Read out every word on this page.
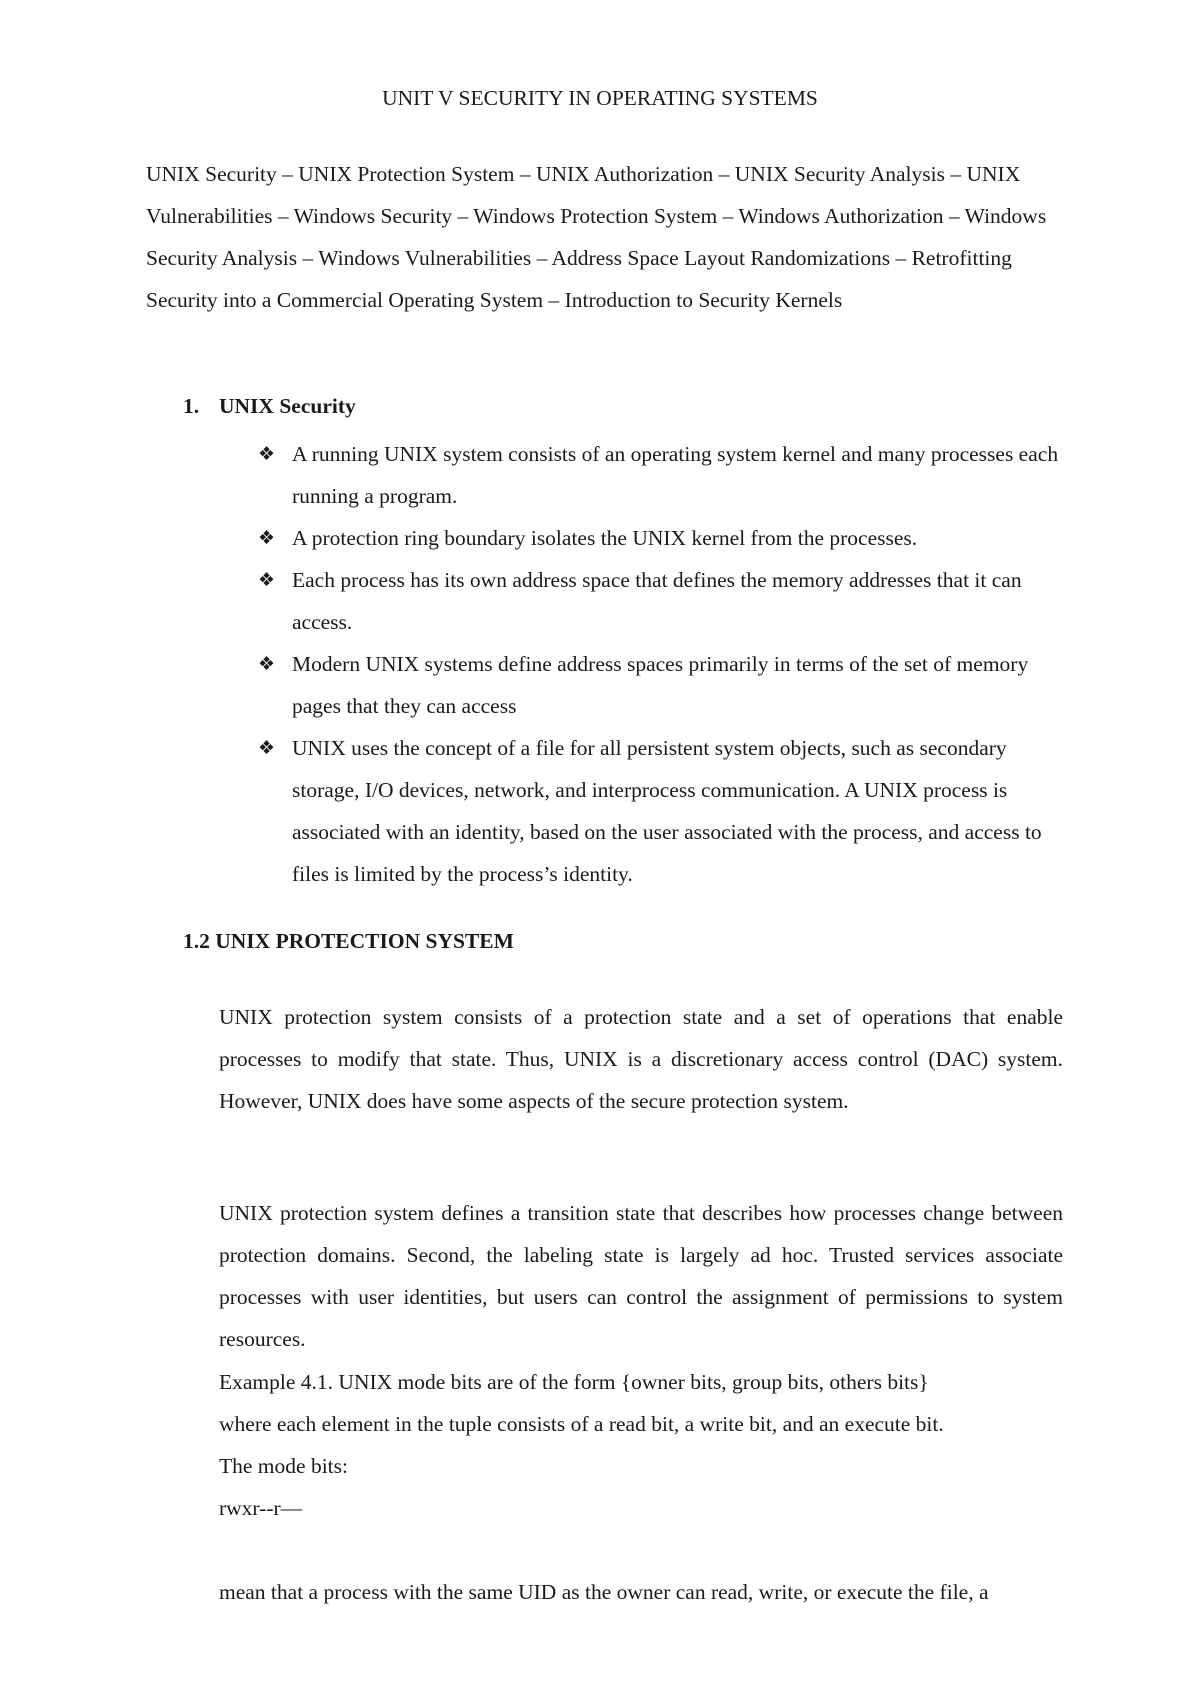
UNIT V SECURITY IN OPERATING SYSTEMS

UNIX Security – UNIX Protection System – UNIX Authorization – UNIX Security Analysis – UNIX Vulnerabilities – Windows Security – Windows Protection System – Windows Authorization – Windows Security Analysis – Windows Vulnerabilities – Address Space Layout Randomizations – Retrofitting Security into a Commercial Operating System – Introduction to Security Kernels

1. UNIX Security
❖ A running UNIX system consists of an operating system kernel and many processes each running a program.
❖ A protection ring boundary isolates the UNIX kernel from the processes.
❖ Each process has its own address space that defines the memory addresses that it can access.
❖ Modern UNIX systems define address spaces primarily in terms of the set of memory pages that they can access
❖ UNIX uses the concept of a file for all persistent system objects, such as secondary storage, I/O devices, network, and interprocess communication. A UNIX process is associated with an identity, based on the user associated with the process, and access to files is limited by the process’s identity.
1.2 UNIX PROTECTION SYSTEM

UNIX protection system consists of a protection state and a set of operations that enable processes to modify that state. Thus, UNIX is a discretionary access control (DAC) system. However, UNIX does have some aspects of the secure protection system.

UNIX protection system defines a transition state that describes how processes change between protection domains. Second, the labeling state is largely ad hoc. Trusted services associate processes with user identities, but users can control the assignment of permissions to system resources.

Example 4.1. UNIX mode bits are of the form {owner bits, group bits, others bits}

where each element in the tuple consists of a read bit, a write bit, and an execute bit.

The mode bits:

rwxr--r—

mean that a process with the same UID as the owner can read, write, or execute the file, a
